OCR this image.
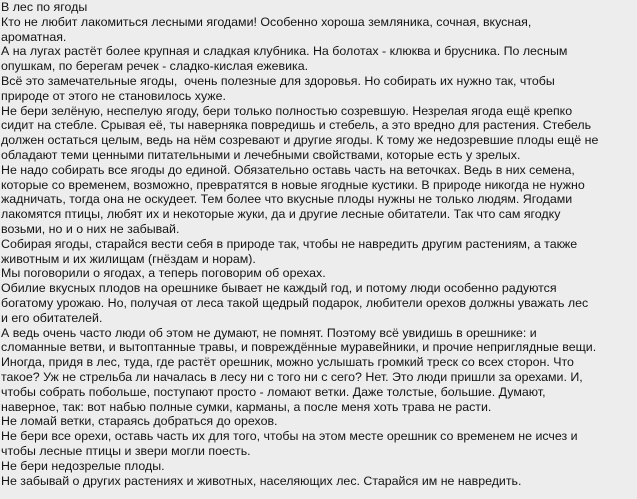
В лес по ягоды
Кто не любит лакомиться лесными ягодами! Особенно хороша земляника, сочная, вкусная,
ароматная.
А на лугах растёт более крупная и сладкая клубника. На болотах - клюква и брусника. По лесным
опушкам, по берегам речек - сладко-кислая ежевика.
Всё это замечательные ягоды,  очень полезные для здоровья. Но собирать их нужно так, чтобы
природе от этого не становилось хуже.
Не бери зелёную, неспелую ягоду, бери только полностью созревшую. Незрелая ягода ещё крепко
сидит на стебле. Срывая её, ты наверняка повредишь и стебель, а это вредно для растения. Стебель
должен остаться целым, ведь на нём созревают и другие ягоды. К тому же недозревшие плоды ещё не
обладают теми ценными питательными и лечебными свойствами, которые есть у зрелых.
Не надо собирать все ягоды до единой. Обязательно оставь часть на веточках. Ведь в них семена,
которые со временем, возможно, превратятся в новые ягодные кустики. В природе никогда не нужно
жадничать, тогда она не оскудеет. Тем более что вкусные плоды нужны не только людям. Ягодами
лакомятся птицы, любят их и некоторые жуки, да и другие лесные обитатели. Так что сам ягодку
возьми, но и о них не забывай.
Собирая ягоды, старайся вести себя в природе так, чтобы не навредить другим растениям, а также
животным и их жилищам (гнёздам и норам).
Мы поговорили о ягодах, а теперь поговорим об орехах.
Обилие вкусных плодов на орешнике бывает не каждый год, и потому люди особенно радуются
богатому урожаю. Но, получая от леса такой щедрый подарок, любители орехов должны уважать лес
и его обитателей.
А ведь очень часто люди об этом не думают, не помнят. Поэтому всё увидишь в орешнике: и
сломанные ветви, и вытоптанные травы, и повреждённые муравейники, и прочие неприглядные вещи.
Иногда, придя в лес, туда, где растёт орешник, можно услышать громкий треск со всех сторон. Что
такое? Уж не стрельба ли началась в лесу ни с того ни с сего? Нет. Это люди пришли за орехами. И,
чтобы собрать побольше, поступают просто - ломают ветки. Даже толстые, большие. Думают,
наверное, так: вот набью полные сумки, карманы, а после меня хоть трава не расти.
Не ломай ветки, стараясь добраться до орехов.
Не бери все орехи, оставь часть их для того, чтобы на этом месте орешник со временем не исчез и
чтобы лесные птицы и звери могли поесть.
Не бери недозрелые плоды.
Не забывай о других растениях и животных, населяющих лес. Старайся им не навредить.
